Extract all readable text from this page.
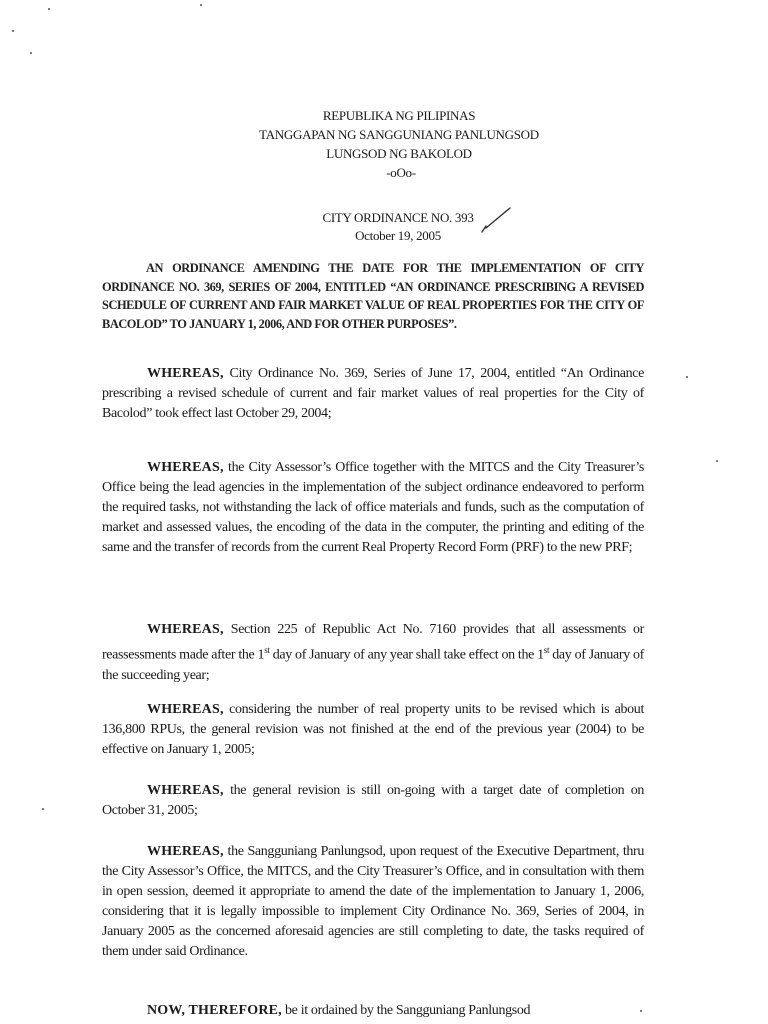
REPUBLIKA NG PILIPINAS
TANGGAPAN NG SANGGUNIANG PANLUNGSOD
LUNGSOD NG BAKOLOD
-oOo-
CITY ORDINANCE NO. 393
October 19, 2005
AN ORDINANCE AMENDING THE DATE FOR THE IMPLEMENTATION OF CITY ORDINANCE NO. 369, SERIES OF 2004, ENTITLED “AN ORDINANCE PRESCRIBING A REVISED SCHEDULE OF CURRENT AND FAIR MARKET VALUE OF REAL PROPERTIES FOR THE CITY OF BACOLOD” TO JANUARY 1, 2006, AND FOR OTHER PURPOSES”.
WHEREAS, City Ordinance No. 369, Series of June 17, 2004, entitled “An Ordinance prescribing a revised schedule of current and fair market values of real properties for the City of Bacolod” took effect last October 29, 2004;
WHEREAS, the City Assessor’s Office together with the MITCS and the City Treasurer’s Office being the lead agencies in the implementation of the subject ordinance endeavored to perform the required tasks, not withstanding the lack of office materials and funds, such as the computation of market and assessed values, the encoding of the data in the computer, the printing and editing of the same and the transfer of records from the current Real Property Record Form (PRF) to the new PRF;
WHEREAS, Section 225 of Republic Act No. 7160 provides that all assessments or reassessments made after the 1st day of January of any year shall take effect on the 1st day of January of the succeeding year;
WHEREAS, considering the number of real property units to be revised which is about 136,800 RPUs, the general revision was not finished at the end of the previous year (2004) to be effective on January 1, 2005;
WHEREAS, the general revision is still on-going with a target date of completion on October 31, 2005;
WHEREAS, the Sangguniang Panlungsod, upon request of the Executive Department, thru the City Assessor’s Office, the MITCS, and the City Treasurer’s Office, and in consultation with them in open session, deemed it appropriate to amend the date of the implementation to January 1, 2006, considering that it is legally impossible to implement City Ordinance No. 369, Series of 2004, in January 2005 as the concerned aforesaid agencies are still completing to date, the tasks required of them under said Ordinance.
NOW, THEREFORE, be it ordained by the Sangguniang Panlungsod
